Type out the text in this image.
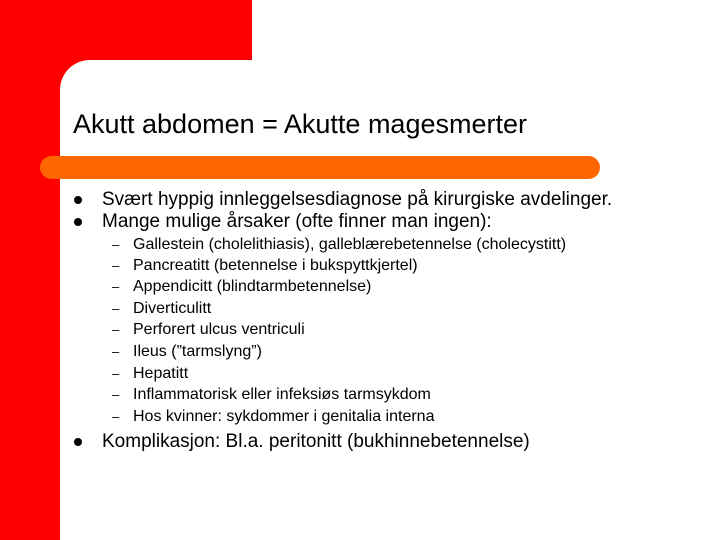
Akutt abdomen = Akutte magesmerter
Svært hyppig innleggelsesdiagnose på kirurgiske avdelinger.
Mange mulige årsaker (ofte finner man ingen):
– Gallestein (cholelithiasis), galleblærebetennelse (cholecystitt)
– Pancreatitt (betennelse i bukspyttkjertel)
– Appendicitt (blindtarmbetennelse)
– Diverticulitt
– Perforert ulcus ventriculi
– Ileus (”tarmslyng”)
– Hepatitt
– Inflammatorisk eller infeksiøs tarmsykdom
– Hos kvinner: sykdommer i genitalia interna
Komplikasjon: Bl.a. peritonitt (bukhinnebetennelse)
